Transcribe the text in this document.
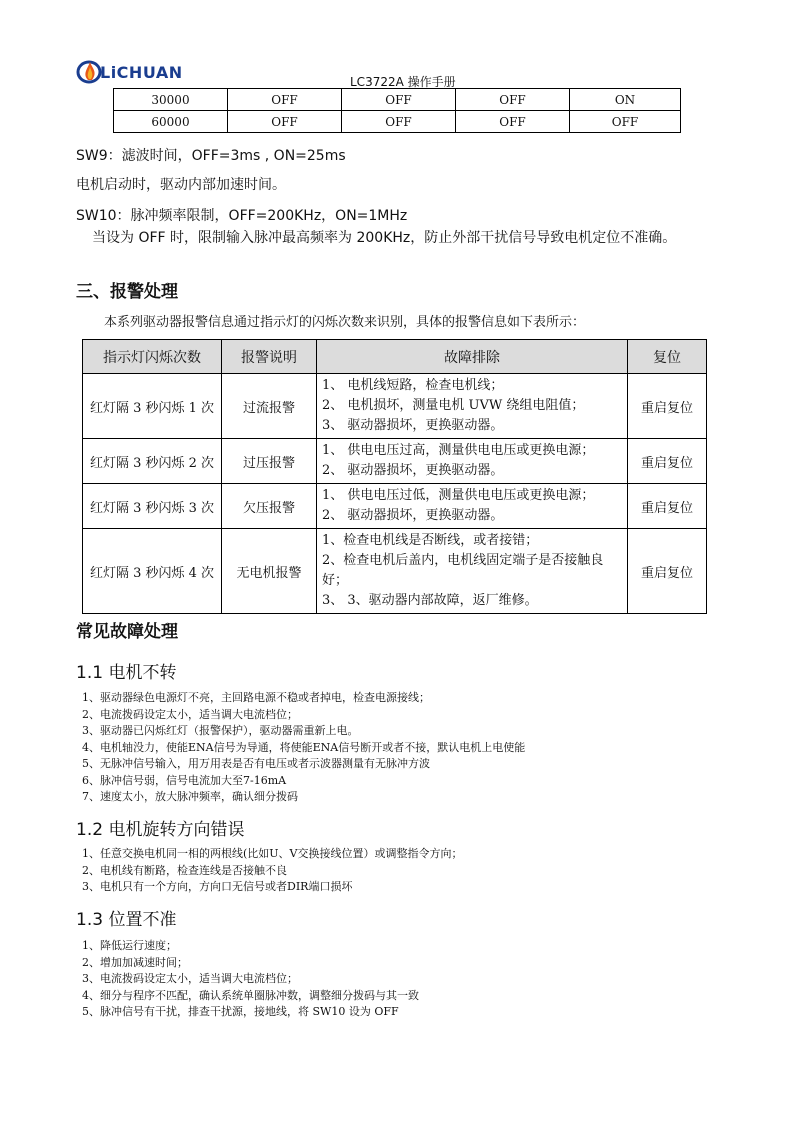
LiCHUAN	LC3722A 操作手册
30000	OFF	OFF	OFF	ON
60000	OFF	OFF	OFF	OFF
SW9：滤波时间，OFF=3ms , ON=25ms
电机启动时，驱动内部加速时间。
SW10：脉冲频率限制，OFF=200KHz，ON=1MHz
当设为 OFF 时，限制输入脉冲最高频率为 200KHz，防止外部干扰信号导致电机定位不准确。
三、报警处理
本系列驱动器报警信息通过指示灯的闪烁次数来识别，具体的报警信息如下表所示：
指示灯闪烁次数	报警说明	故障排除	复位
红灯隔 3 秒闪烁 1 次	过流报警	1、 电机线短路，检查电机线；
2、 电机损坏，测量电机 UVW 绕组电阻值；
3、 驱动器损坏，更换驱动器。	重启复位
红灯隔 3 秒闪烁 2 次	过压报警	1、 供电电压过高，测量供电电压或更换电源；
2、 驱动器损坏，更换驱动器。	重启复位
红灯隔 3 秒闪烁 3 次	欠压报警	1、 供电电压过低，测量供电电压或更换电源；
2、 驱动器损坏，更换驱动器。	重启复位
红灯隔 3 秒闪烁 4 次	无电机报警	1、检查电机线是否断线，或者接错；
2、检查电机后盖内，电机线固定端子是否接触良好；
3、 3、驱动器内部故障，返厂维修。	重启复位
常见故障处理
1.1 电机不转
1、驱动器绿色电源灯不亮，主回路电源不稳或者掉电，检查电源接线；
2、电流拨码设定太小，适当调大电流档位；
3、驱动器已闪烁红灯（报警保护），驱动器需重新上电。
4、电机轴没力，使能ENA信号为导通，将使能ENA信号断开或者不接，默认电机上电使能
5、无脉冲信号输入，用万用表是否有电压或者示波器测量有无脉冲方波
6、脉冲信号弱，信号电流加大至7-16mA
7、速度太小，放大脉冲频率，确认细分拨码
1.2 电机旋转方向错误
1、任意交换电机同一相的两根线(比如U、V交换接线位置）或调整指令方向；
2、电机线有断路，检查连线是否接触不良
3、电机只有一个方向，方向口无信号或者DIR端口损坏
1.3 位置不准
1、降低运行速度；
2、增加加减速时间；
3、电流拨码设定太小，适当调大电流档位；
4、细分与程序不匹配，确认系统单圈脉冲数，调整细分拨码与其一致
5、脉冲信号有干扰，排查干扰源，接地线，将 SW10 设为 OFF
